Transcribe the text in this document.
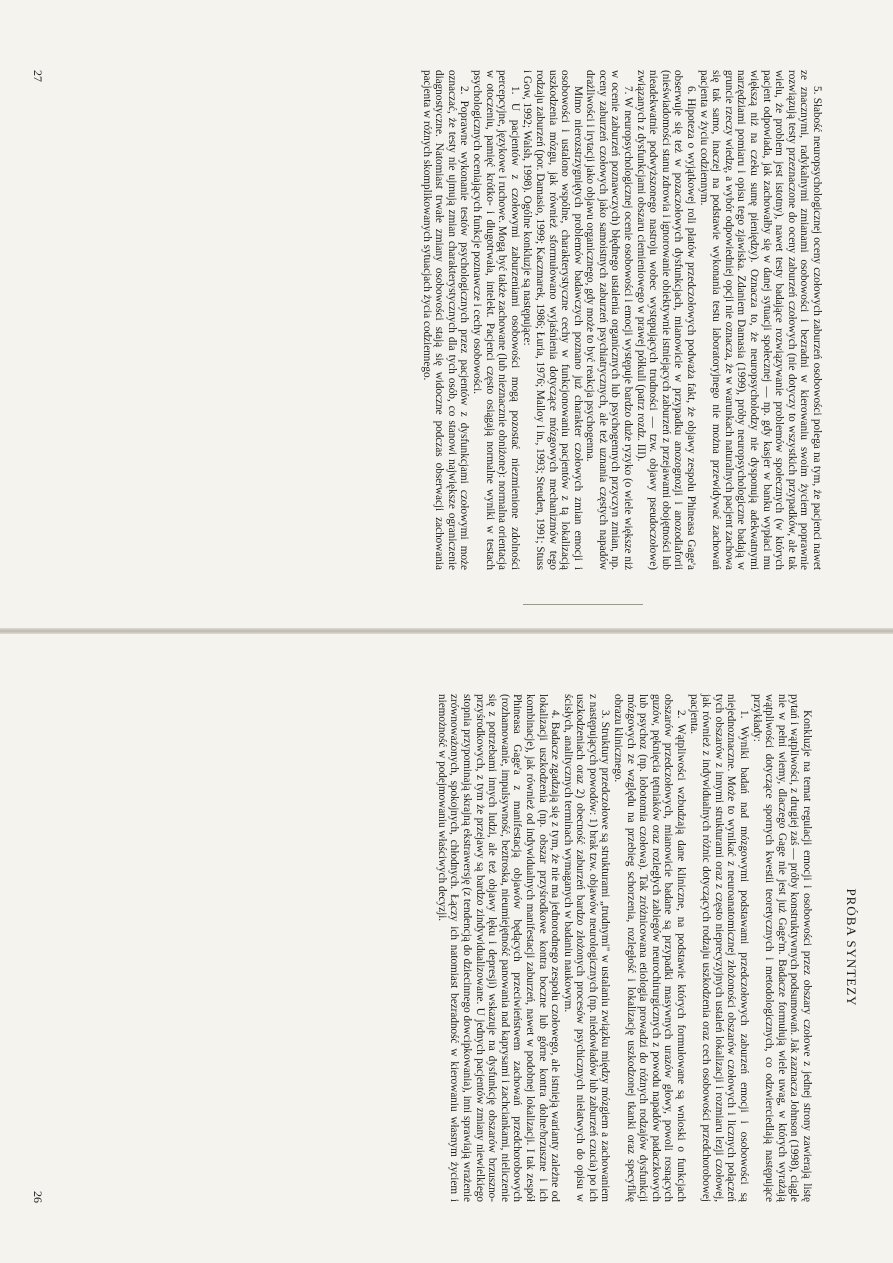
5. Słabość neuropsychologicznej oceny czołowych zaburzeń osobowości polega na tym, że pacjenci nawet ze znacznymi, radykalnymi zmianami osobowości i bezradni w kierowaniu swoim życiem poprawnie rozwiązują testy przeznaczone do oceny zaburzeń czołowych (nie dotyczy to wszystkich przypadków, ale tak wielu, że problem jest istotny), nawet testy badające rozwiązywanie problemów społecznych (w których pacjent odpowiada, jak zachowałby się w danej sytuacji społecznej — np. gdy kasjer w banku wypłaci mu większą niż na czeku sumę pieniędzy). Oznacza to, że neuropsycholodzy nie dysponują adekwatnymi narzędziami pomiaru i opisu tego zjawiska. Zdaniem Damasia (1999), próby neuropsychologiczne badają w gruncie rzeczy wiedzę, a wybór odpowiedniej opcji nie oznacza, że w warunkach naturalnych pacjent zachowa się tak samo, inaczej na podstawie wykonania testu laboratoryjnego nie można przewidywać zachowań pacjenta w życiu codziennym.

6. Hipoteza o wyjątkowej roli płatów przedczołowych podważa fakt, że objawy zespołu Phineasa Gage'a obserwuje się też w pozaczołowych dysfunkcjach, mianowicie w przypadku anozognozji i anozodiaforii (nieświadomości stanu zdrowia i ignorowanie obiektywnie istniejących zaburzeń z przejawami obojętności lub nieadekwatnie podwyższonego nastroju wobec występujących trudności — tzw. objawy pseudoczołowe) związanych z dysfunkcjami obszaru ciemieniowego w prawej półkuli (patrz rozdz. III).

7. W neuropsychologicznej ocenie osobowości i emocji występuje bardzo duże ryzyko (o wiele większe niż w ocenie zaburzeń poznawczych) błędnego ustalenia organicznych lub psychogennych przyczyn zmian, np. oceny zaburzeń czołowych jako samoistnych zaburzeń psychiatrycznych, ale też uznania częstych napadów drażliwości i irytacji jako objawu organicznego, gdy może to być reakcja psychogenna.

Mimo nierozstrzygniętych problemów badawczych poznano już charakter czołowych zmian emocji i osobowości i ustalono wspólne, charakterystyczne cechy w funkcjonowaniu pacjentów z tą lokalizacją uszkodzenia mózgu, jak również sformułowano wyjaśnienia dotyczące mózgowych mechanizmów tego rodzaju zaburzeń (por. Damasio, 1999; Kaczmarek, 1986; Łuria, 1976; Malloy i in., 1993; Steuden, 1991; Stuss i Gow, 1992; Walsh, 1998). Ogólne konkluzje są następujące:

1. U pacjentów z czołowymi zaburzeniami osobowości mogą pozostać niezmienione zdolności percepcyjne, językowe i ruchowe. Mogą być także zachowane (lub nieznacznie obniżone): normalna orientacja w otoczeniu, pamięć krótko- i długotrwała, intelekt. Pacjenci często osiągają normalne wyniki w testach psychologicznych oceniających funkcje poznawcze i cechy osobowości.

2. Poprawne wykonanie testów psychologicznych przez pacjentów z dysfunkcjami czołowymi może oznaczać, że testy nie ujmują zmian charakterystycznych dla tych osób, co stanowi największe ograniczenie diagnostyczne. Natomiast trwałe zmiany osobowości stają się widoczne podczas obserwacji zachowania pacjenta w różnych skomplikowanych sytuacjach życia codziennego.

27
PRÓBA SYNTEZY

Konkluzje na temat regulacji emocji i osobowości przez obszary czołowe z jednej strony zawierają listę pytań i wątpliwości, z drugiej zaś — próby konstruktywnych podsumowań. Jak zaznacza Johnson (1998), ciągle nie w pełni wiemy, dlaczego Gage nie jest już Gage'm. Badacze formułują wiele uwag, w których wyrażają wątpliwości dotyczące spornych kwestii teoretycznych i metodologicznych, co odzwierciedlają następujące przykłady:

1. Wyniki badań nad mózgowymi podstawami przedczołowych zaburzeń emocji i osobowości są niejednoznaczne. Może to wynikać z neuroanatomicznej złożoności obszarów czołowych i licznych połączeń tych obszarów z innymi strukturami oraz z często nieprecyzyjnych ustaleń lokalizacji i rozmiaru lezji czołowej, jak również z indywidualnych różnic dotyczących rodzaju uszkodzenia oraz cech osobowości przedchorobowej pacjenta.

2. Wątpliwości wzbudzają dane kliniczne, na podstawie których formułowane są wnioski o funkcjach obszarów przedczołowych, mianowicie badane są przypadki masywnych urazów głowy, powoli rosnących guzów, pęknięcia tętniaków oraz rozległych zabiegów neurochirurgicznych z powodu napadów padaczkowych lub psychoz (np. lobotomia czołowa). Tak zróżnicowana etiologia prowadzi do różnych rodzajów dysfunkcji mózgowych ze względu na przebieg schorzenia, rozległość i lokalizację uszkodzonej tkanki oraz specyfikę obrazu klinicznego.

3. Struktury przedczołowe są strukturami „trudnymi" w ustalaniu związku między mózgiem a zachowaniem z następujących powodów: 1) brak tzw. objawów neurologicznych (np. niedowładów lub zaburzeń czucia) po ich uszkodzeniach oraz 2) obecność zaburzeń bardzo złożonych procesów psychicznych niełatwych do opisu w ścisłych, analitycznych terminach wymaganych w badaniu naukowym.

4. Badacze zgadzają się z tym, że nie ma jednorodnego zespołu czołowego, ale istnieją warianty zależne od lokalizacji uszkodzenia (np. obszar przyśrodkowe kontra boczne lub górne kontra dolne/brzuszne i ich kombinacje), jak również od indywidualnych manifestacji zaburzeń, nawet w podobnej lokalizacji. I tak zespół Phineasa Gage'a z manifestacją objawów będących przeciwieństwem zachowań przedchorobowych (rozhamowanie, impulsywność, beztroska, nieumiejętność panowania nad kaprysami i zachciankami, nieliczenie się z potrzebami innych ludzi, ale też objawy lęku i depresji) wskazuje na dysfunkcję obszarów brzuszno-przyśrodkowych, z tym że przejawy są bardzo zindywidualizowane. U jednych pacjentów zmiany niewielkiego stopnia przypominają skrajną ekstrawersję (z tendencją do dziecinnego dowcipkowania), inni sprawiają wrażenie zrównoważonych, spokojnych, chłodnych. Łączy ich natomiast bezradność w kierowaniu własnym życiem i niemożność w podejmowaniu właściwych decyzji.

26
